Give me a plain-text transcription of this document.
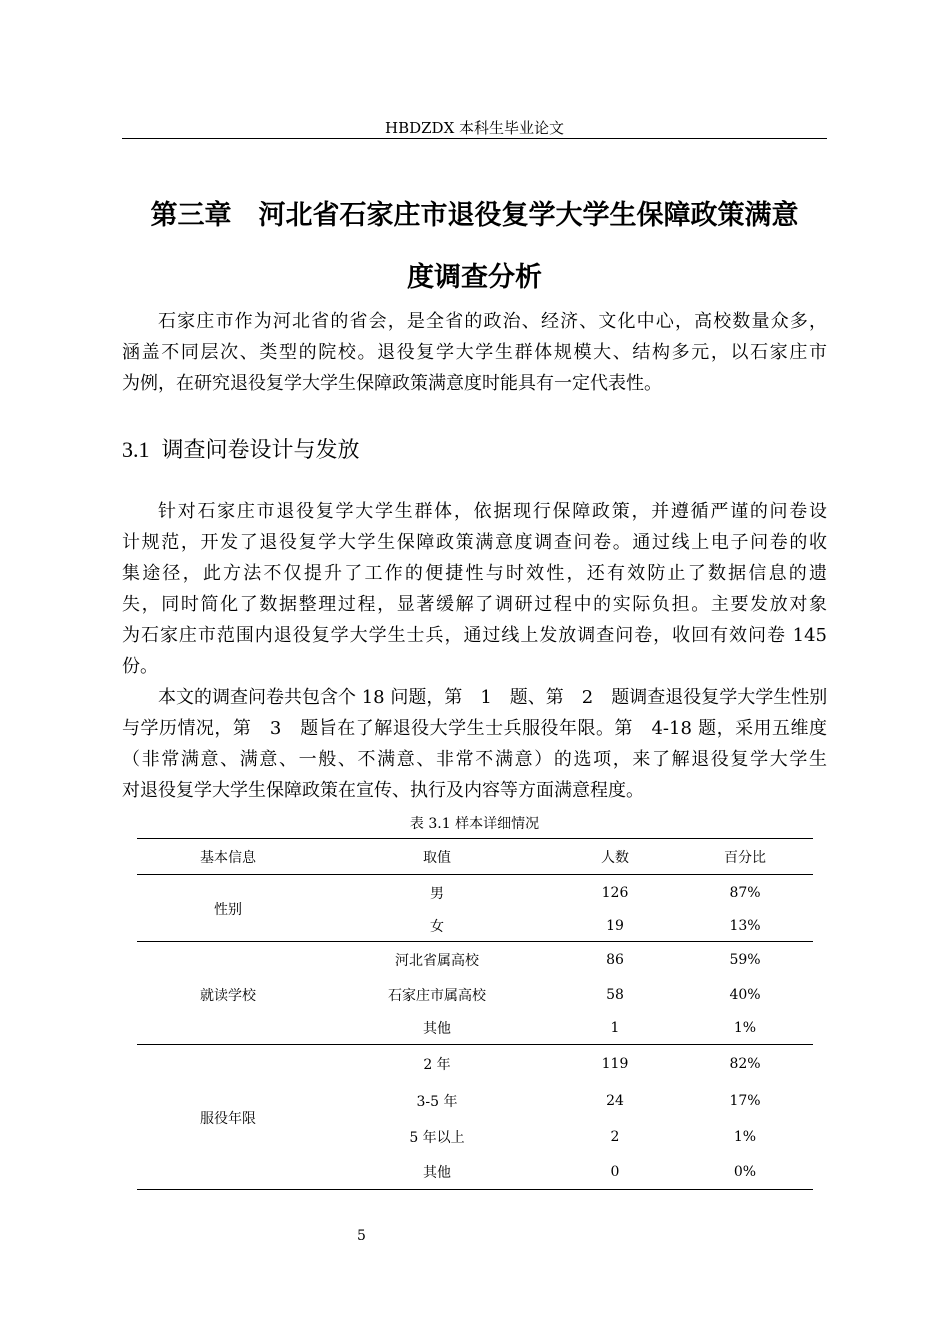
HBDZDX 本科生毕业论文
第三章　河北省石家庄市退役复学大学生保障政策满意
度调查分析
石家庄市作为河北省的省会，是全省的政治、经济、文化中心，高校数量众多，
涵盖不同层次、类型的院校。退役复学大学生群体规模大、结构多元，以石家庄市
为例，在研究退役复学大学生保障政策满意度时能具有一定代表性。
3.1 调查问卷设计与发放
针对石家庄市退役复学大学生群体，依据现行保障政策，并遵循严谨的问卷设
计规范，开发了退役复学大学生保障政策满意度调查问卷。通过线上电子问卷的收
集途径，此方法不仅提升了工作的便捷性与时效性，还有效防止了数据信息的遗
失，同时简化了数据整理过程，显著缓解了调研过程中的实际负担。主要发放对象
为石家庄市范围内退役复学大学生士兵，通过线上发放调查问卷，收回有效问卷 145
份。
本文的调查问卷共包含个 18 问题，第　1　题、第　2　题调查退役复学大学生性别
与学历情况，第　3　题旨在了解退役大学生士兵服役年限。第　4-18 题，采用五维度
（非常满意、满意、一般、不满意、非常不满意）的选项，来了解退役复学大学生
对退役复学大学生保障政策在宣传、执行及内容等方面满意程度。
表 3.1 样本详细情况
基本信息	取值	人数	百分比
性别
就读学校
服役年限
男	126	87%
女	19	13%
河北省属高校	86	59%
石家庄市属高校	58	40%
其他	1	1%
2 年	119	82%
3-5 年	24	17%
5 年以上	2	1%
其他	0	0%
5
